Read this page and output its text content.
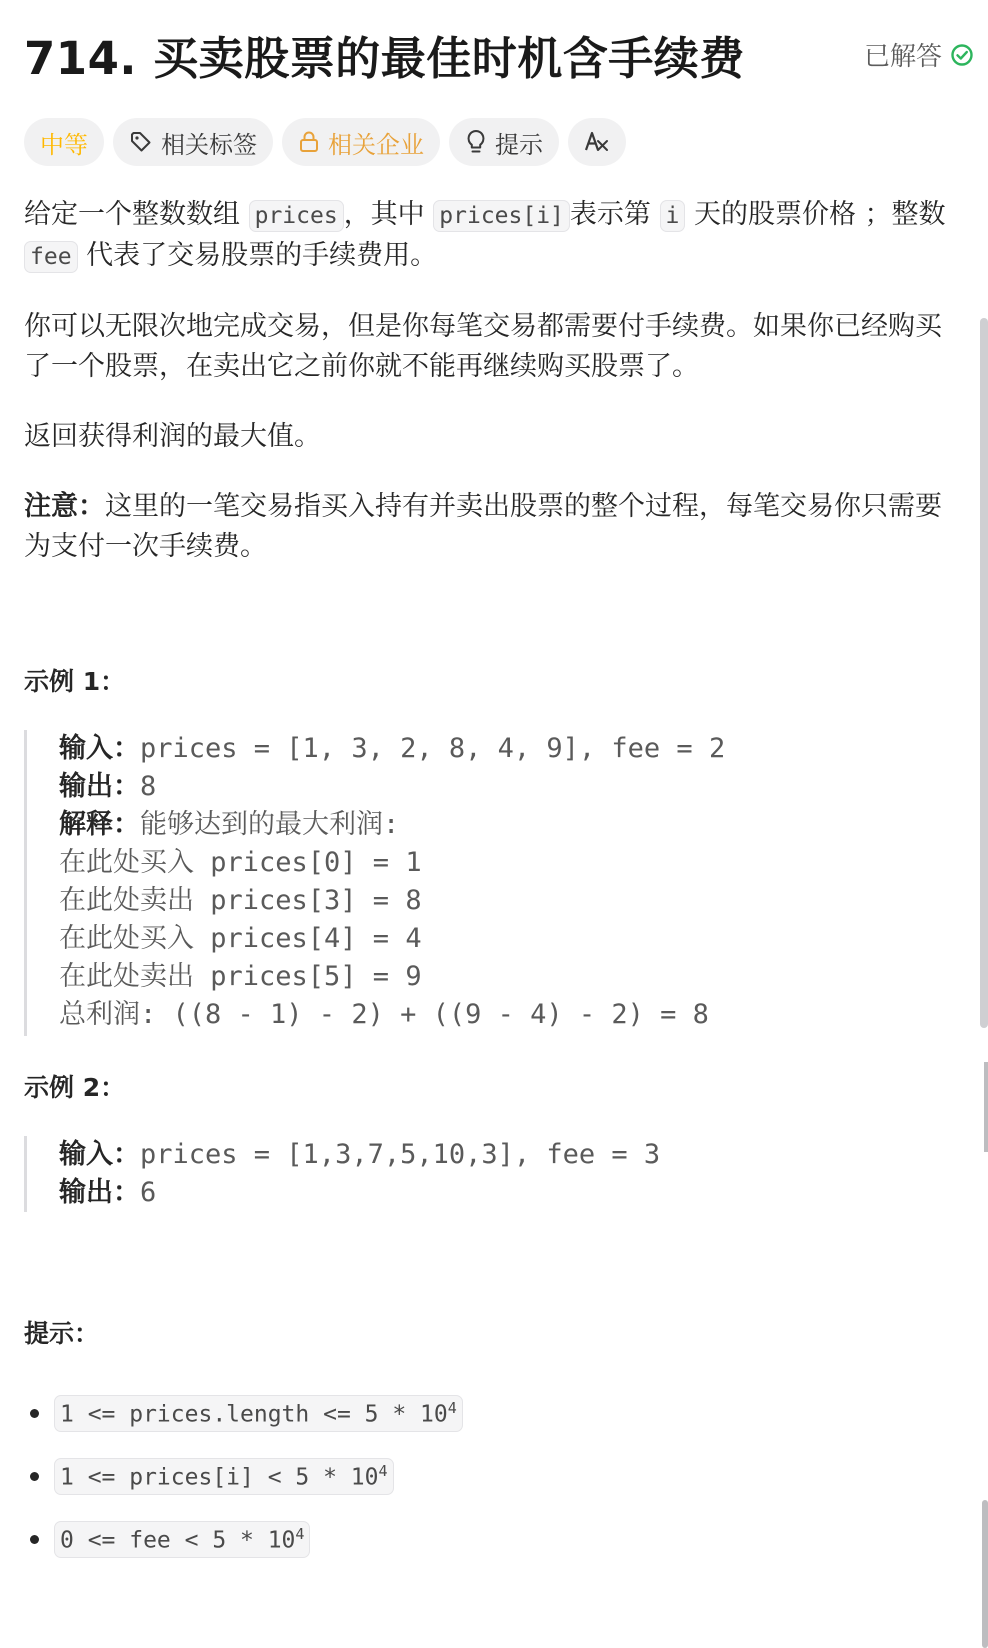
714. 买卖股票的最佳时机含手续费	已解答
中等	相关标签	相关企业	提示

给定一个整数数组 prices ，其中 prices[i] 表示第 i 天的股票价格 ；整数 fee 代表了交易股票的手续费用。

你可以无限次地完成交易，但是你每笔交易都需要付手续费。如果你已经购买了一个股票，在卖出它之前你就不能再继续购买股票了。

返回获得利润的最大值。

注意：这里的一笔交易指买入持有并卖出股票的整个过程，每笔交易你只需要为支付一次手续费。

示例 1：
输入：prices = [1, 3, 2, 8, 4, 9], fee = 2
输出：8
解释：能够达到的最大利润:
在此处买入 prices[0] = 1
在此处卖出 prices[3] = 8
在此处买入 prices[4] = 4
在此处卖出 prices[5] = 9
总利润: ((8 - 1) - 2) + ((9 - 4) - 2) = 8
示例 2：
输入：prices = [1,3,7,5,10,3], fee = 3
输出：6
提示：
1 <= prices.length <= $5 * 10^4$
1 <= prices[i] < $5 * 10^4$
0 <= fee < $5 * 10^4$
